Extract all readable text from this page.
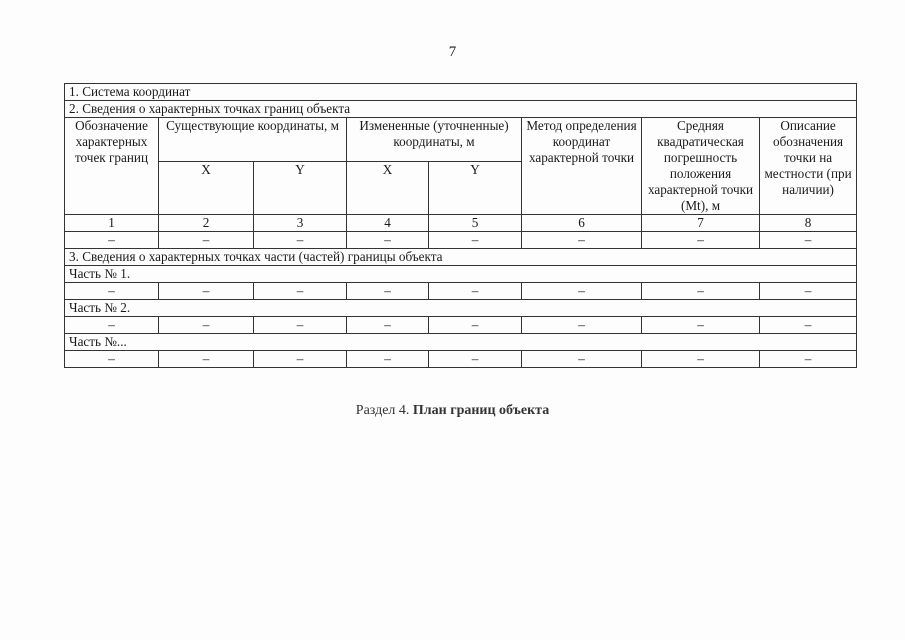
7
1. Система координат							
2. Сведения о характерных точках границ объекта							
Обозначение характерных точек границ	Существующие координаты, м		Измененные (уточненные) координаты, м		Метод определения координат характерной точки	Средняя квадратическая погрешность положения характерной точки (Mt), м	Описание обозначения точки на местности (при наличии)
	X	Y	X	Y			
1	2	3	4	5	6	7	8
–	–	–	–	–	–	–	–
3. Сведения о характерных точках части (частей) границы объекта							
Часть № 1.							
–	–	–	–	–	–	–	–
Часть № 2.							
–	–	–	–	–	–	–	–
Часть №...							
–	–	–	–	–	–	–	–
Раздел 4. План границ объекта
